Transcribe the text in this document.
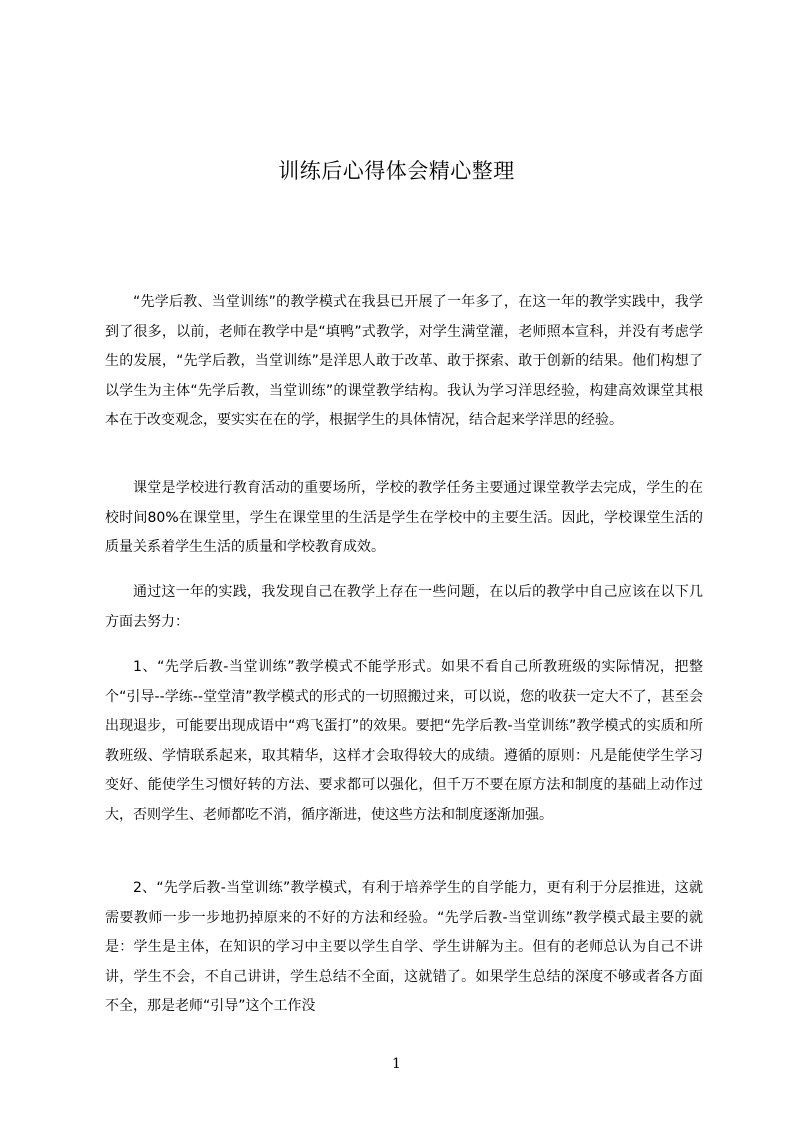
训练后心得体会精心整理

“先学后教、当堂训练”的教学模式在我县已开展了一年多了，在这一年的教学实践中，我学到了很多，以前，老师在教学中是“填鸭”式教学，对学生满堂灌，老师照本宣科，并没有考虑学生的发展，“先学后教，当堂训练”是洋思人敢于改革、敢于探索、敢于创新的结果。他们构想了以学生为主体“先学后教，当堂训练”的课堂教学结构。我认为学习洋思经验，构建高效课堂其根本在于改变观念，要实实在在的学，根据学生的具体情况，结合起来学洋思的经验。

课堂是学校进行教育活动的重要场所，学校的教学任务主要通过课堂教学去完成，学生的在校时间80%在课堂里，学生在课堂里的生活是学生在学校中的主要生活。因此，学校课堂生活的质量关系着学生生活的质量和学校教育成效。

通过这一年的实践，我发现自己在教学上存在一些问题，在以后的教学中自己应该在以下几方面去努力：

1、“先学后教-当堂训练”教学模式不能学形式。如果不看自己所教班级的实际情况，把整个“引导--学练--堂堂清”教学模式的形式的一切照搬过来，可以说，您的收获一定大不了，甚至会出现退步，可能要出现成语中“鸡飞蛋打”的效果。要把“先学后教-当堂训练”教学模式的实质和所教班级、学情联系起来，取其精华，这样才会取得较大的成绩。遵循的原则：凡是能使学生学习变好、能使学生习惯好转的方法、要求都可以强化，但千万不要在原方法和制度的基础上动作过大，否则学生、老师都吃不消，循序渐进，使这些方法和制度逐渐加强。

2、“先学后教-当堂训练”教学模式，有利于培养学生的自学能力，更有利于分层推进，这就需要教师一步一步地扔掉原来的不好的方法和经验。“先学后教-当堂训练”教学模式最主要的就是：学生是主体，在知识的学习中主要以学生自学、学生讲解为主。但有的老师总认为自己不讲讲，学生不会，不自己讲讲，学生总结不全面，这就错了。如果学生总结的深度不够或者各方面不全，那是老师“引导”这个工作没

1
